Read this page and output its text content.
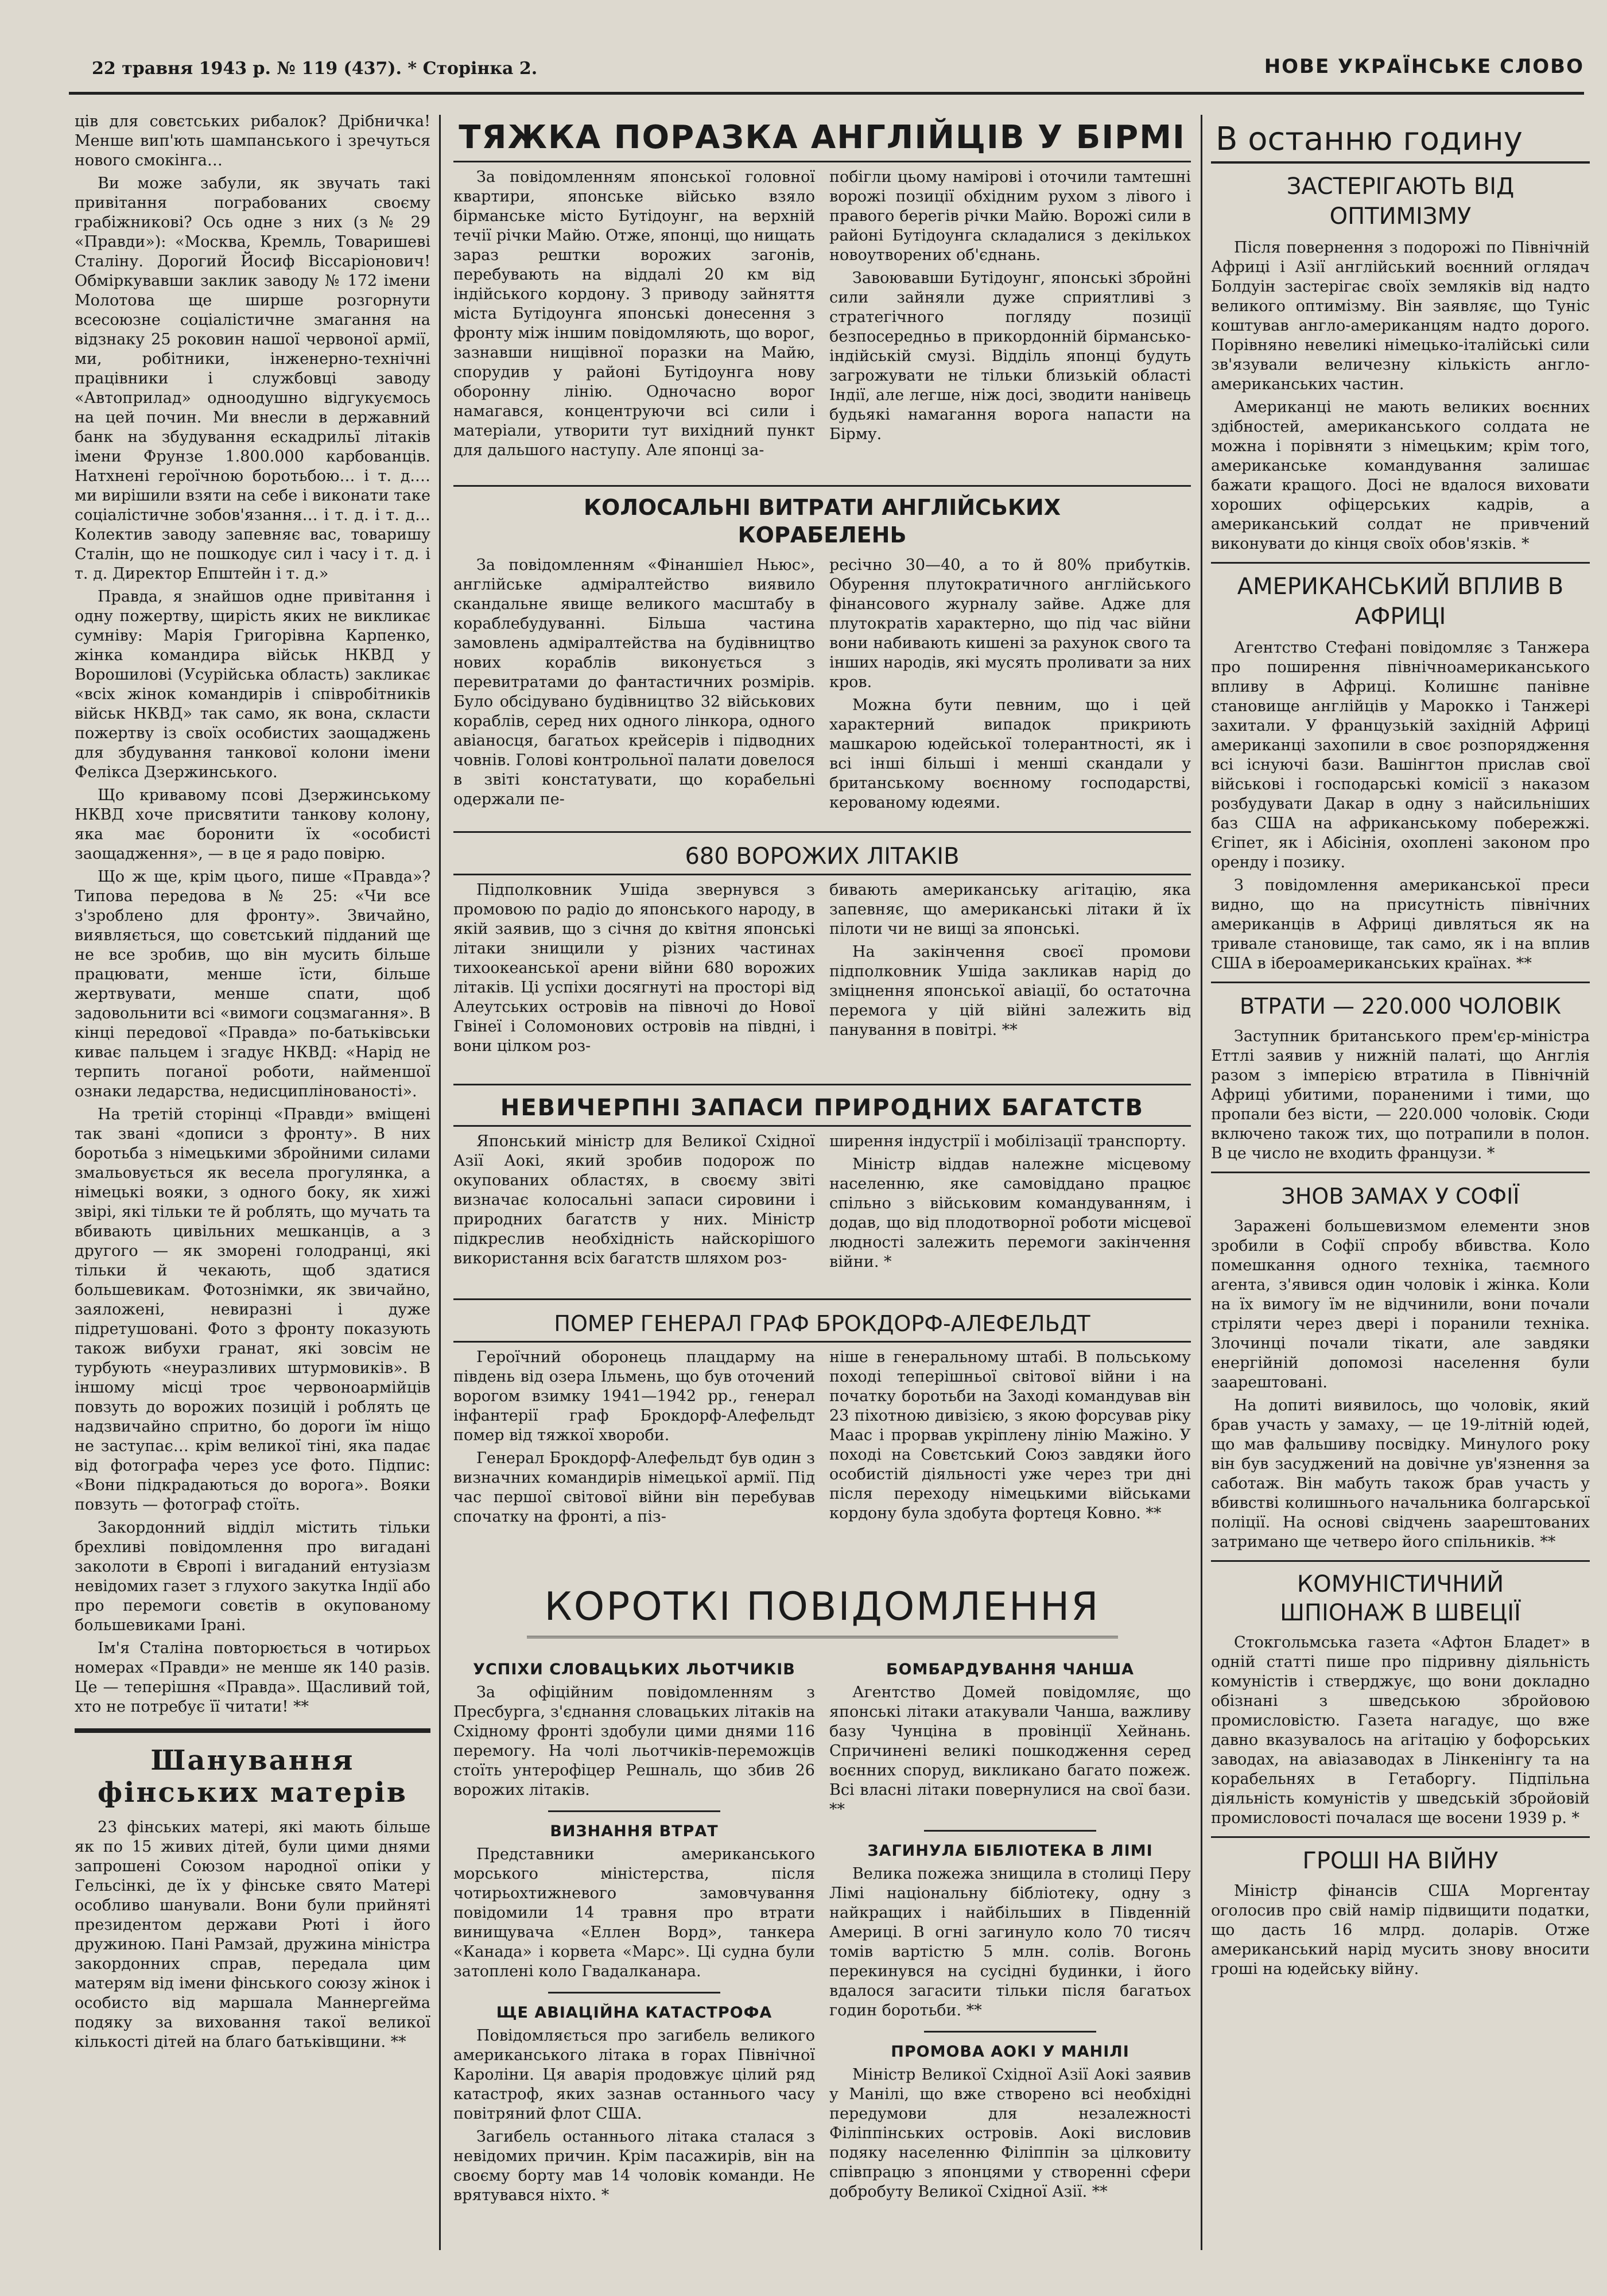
22 травня 1943 р. № 119 (437). * Сторінка 2.	НОВЕ УКРАЇНСЬКЕ СЛОВО

ців для совєтських рибалок? Дрібничка! Менше вип'ють шампанського і зречуться нового смокінга…

Ви може забули, як звучать такі привітання пограбованих своєму грабіжникові? Ось одне з них (з № 29 «Правди»): «Москва, Кремль, Товаришеві Сталіну. Дорогий Йосиф Віссаріонович! Обміркувавши заклик заводу № 172 імени Молотова ще ширше розгорнути всесоюзне соціалістичне змагання на відзнаку 25 роковин нашої червоної армії, ми, робітники, інженерно-технічні працівники і службовці заводу «Автоприлад» одноодушно відгукуємось на цей почин. Ми внесли в державний банк на збудування ескадрильї літаків імени Фрунзе 1.800.000 карбованців. Натхнені героїчною боротьбою… і т. д.… ми вирішили взяти на себе і виконати таке соціалістичне зобов'язання… і т. д. і т. д… Колектив заводу запевняє вас, товаришу Сталін, що не пошкодує сил і часу і т. д. і т. д. Директор Епштейн і т. д.»

Правда, я знайшов одне привітання і одну пожертву, щирість яких не викликає сумніву: Марія Григорівна Карпенко, жінка командира військ НКВД у Ворошилові (Усурійська область) закликає «всіх жінок командирів і співробітників військ НКВД» так само, як вона, скласти пожертву із своїх особистих заощаджень для збудування танкової колони імени Фелікса Дзержинського.

Що кривавому псові Дзержинському НКВД хоче присвятити танкову колону, яка має боронити їх «особисті заощадження», — в це я радо повірю.

Що ж ще, крім цього, пише «Правда»? Типова передова в № 25: «Чи все з'зроблено для фронту». Звичайно, виявляється, що совєтський підданий ще не все зробив, що він мусить більше працювати, менше їсти, більше жертвувати, менше спати, щоб задовольнити всі «вимоги соцзмагання». В кінці передової «Правда» по-батьківськи киває пальцем і згадує НКВД: «Нарід не терпить поганої роботи, найменшої ознаки ледарства, недисциплінованості».

На третій сторінці «Правди» вміщені так звані «дописи з фронту». В них боротьба з німецькими збройними силами змальовується як весела прогулянка, а німецькі вояки, з одного боку, як хижі звірі, які тільки те й роблять, що мучать та вбивають цивільних мешканців, а з другого — як зморені голодранці, які тільки й чекають, щоб здатися большевикам. Фотознімки, як звичайно, заяложені, невиразні і дуже підретушовані. Фото з фронту показують також вибухи гранат, які зовсім не турбують «неуразливих штурмовиків». В іншому місці троє червоноармійців повзуть до ворожих позицій і роблять це надзвичайно спритно, бо дороги їм ніщо не заступає… крім великої тіні, яка падає від фотографа через усе фото. Підпис: «Вони підкрадаються до ворога». Вояки повзуть — фотограф стоїть.

Закордонний відділ містить тільки брехливі повідомлення про вигадані заколоти в Європі і вигаданий ентузіазм невідомих газет з глухого закутка Індії або про перемоги совєтів в окупованому большевиками Ірані.

Ім'я Сталіна повторюється в чотирьох номерах «Правди» не менше як 140 разів. Це — теперішня «Правда». Щасливий той, хто не потребує її читати! **

Шанування фінських матерів

23 фінських матері, які мають більше як по 15 живих дітей, були цими днями запрошені Союзом народної опіки у Гельсінкі, де їх у фінське свято Матері особливо шанували. Вони були прийняті президентом держави Рюті і його дружиною. Пані Рамзай, дружина міністра закордонних справ, передала цим матерям від імени фінського союзу жінок і особисто від маршала Маннергейма подяку за виховання такої великої кількості дітей на благо батьківщини. **

ТЯЖКА ПОРАЗКА АНГЛІЙЦІВ У БІРМІ

За повідомленням японської головної квартири, японське військо взяло бірманське місто Бутідоунг, на верхній течії річки Майю. Отже, японці, що нищать зараз рештки ворожих загонів, перебувають на віддалі 20 км від індійського кордону. З приводу зайняття міста Бутідоунга японські донесення з фронту між іншим повідомляють, що ворог, зазнавши нищівної поразки на Майю, спорудив у районі Бутідоунга нову оборонну лінію. Одночасно ворог намагався, концентруючи всі сили і матеріали, утворити тут вихідний пункт для дальшого наступу. Але японці за-

побігли цьому намірові і оточили тамтешні ворожі позиції обхідним рухом з лівого і правого берегів річки Майю. Ворожі сили в районі Бутідоунга складалися з декількох новоутворених об'єднань.

Завоювавши Бутідоунг, японські збройні сили зайняли дуже сприятливі з стратегічного погляду позиції безпосередньо в прикордонній бірмансько-індійській смузі. Відділь японці будуть загрожувати не тільки близькій області Індії, але легше, ніж досі, зводити нанівець будьякі намагання ворога напасти на Бірму.

КОЛОСАЛЬНІ ВИТРАТИ АНГЛІЙСЬКИХ КОРАБЕЛЕНЬ

За повідомленням «Фінаншіел Ньюс», англійське адміралтейство виявило скандальне явище великого масштабу в кораблебудуванні. Більша частина замовлень адміралтейства на будівництво нових кораблів виконується з перевитратами до фантастичних розмірів. Було обсідувано будівництво 32 військових кораблів, серед них одного лінкора, одного авіаносця, багатьох крейсерів і підводних човнів. Голові контрольної палати довелося в звіті констатувати, що корабельні одержали пе-

ресічно 30—40, а то й 80% прибутків. Обурення плутократичного англійського фінансового журналу зайве. Адже для плутократів характерно, що під час війни вони набивають кишені за рахунок свого та інших народів, які мусять проливати за них кров.

Можна бути певним, що і цей характерний випадок прикриють машкарою юдейської толерантності, як і всі інші більші і менші скандали у британському воєнному господарстві, керованому юдеями.

680 ВОРОЖИХ ЛІТАКІВ

Підполковник Ушіда звернувся з промовою по радіо до японського народу, в якій заявив, що з січня до квітня японські літаки знищили у різних частинах тихоокеанської арени війни 680 ворожих літаків. Ці успіхи досягнуті на просторі від Алеутських островів на півночі до Нової Гвінеї і Соломонових островів на півдні, і вони цілком роз-

бивають американську агітацію, яка запевняє, що американські літаки й їх пілоти чи не вищі за японські.

На закінчення своєї промови підполковник Ушіда закликав нарід до зміцнення японської авіації, бо остаточна перемога у цій війні залежить від панування в повітрі. **

НЕВИЧЕРПНІ ЗАПАСИ ПРИРОДНИХ БАГАТСТВ

Японський міністр для Великої Східної Азії Аокі, який зробив подорож по окупованих областях, в своєму звіті визначає колосальні запаси сировини і природних багатств у них. Міністр підкреслив необхідність найскорішого використання всіх багатств шляхом роз-

ширення індустрії і мобілізації транспорту.

Міністр віддав належне місцевому населенню, яке самовіддано працює спільно з військовим командуванням, і додав, що від плодотворної роботи місцевої людності залежить перемоги закінчення війни. *

ПОМЕР ГЕНЕРАЛ ГРАФ БРОКДОРФ-АЛЕФЕЛЬДТ

Героїчний оборонець плацдарму на південь від озера Ільмень, що був оточений ворогом взимку 1941—1942 рр., генерал інфантерії граф Брокдорф-Алефельдт помер від тяжкої хвороби.

Генерал Брокдорф-Алефельдт був один з визначних командирів німецької армії. Під час першої світової війни він перебував спочатку на фронті, а піз-

ніше в генеральному штабі. В польському поході теперішньої світової війни і на початку боротьби на Заході командував він 23 піхотною дивізією, з якою форсував ріку Маас і прорвав укріплену лінію Мажіно. У поході на Совєтський Союз завдяки його особистій діяльності уже через три дні після переходу німецькими військами кордону була здобута фортеця Ковно. **

КОРОТКІ ПОВІДОМЛЕННЯ
УСПІХИ СЛОВАЦЬКИХ ЛЬОТЧИКІВ

За офіційним повідомленням з Пресбурга, з'єднання словацьких літаків на Східному фронті здобули цими днями 116 перемогу. На чолі льотчиків-переможців стоїть унтерофіцер Решналь, що збив 26 ворожих літаків.

ВИЗНАННЯ ВТРАТ

Представники американського морського міністерства, після чотирьохтижневого замовчування повідомили 14 травня про втрати винищувача «Еллен Ворд», танкера «Канада» і корвета «Марс». Ці судна були затоплені коло Гвадалканара.

ЩЕ АВІАЦІЙНА КАТАСТРОФА

Повідомляється про загибель великого американського літака в горах Північної Кароліни. Ця аварія продовжує цілий ряд катастроф, яких зазнав останнього часу повітряний флот США.

Загибель останнього літака сталася з невідомих причин. Крім пасажирів, він на своєму борту мав 14 чоловік команди. Не врятувався ніхто. *

БОМБАРДУВАННЯ ЧАНША

Агентство Домей повідомляє, що японські літаки атакували Чанша, важливу базу Чунціна в провінції Хейнань. Спричинені великі пошкодження серед воєнних споруд, викликано багато пожеж. Всі власні літаки повернулися на свої бази. **

ЗАГИНУЛА БІБЛІОТЕКА В ЛІМІ

Велика пожежа знищила в столиці Перу Лімі національну бібліотеку, одну з найкращих і найбільших в Південній Америці. В огні загинуло коло 70 тисяч томів вартістю 5 млн. солів. Вогонь перекинувся на сусідні будинки, і його вдалося загасити тільки після багатьох годин боротьби. **

ПРОМОВА АОКІ У МАНІЛІ

Міністр Великої Східної Азії Аокі заявив у Манілі, що вже створено всі необхідні передумови для незалежності Філіппінських островів. Аокі висловив подяку населенню Філіппін за цілковиту співпрацю з японцями у створенні сфери добробуту Великої Східної Азії. **

В останню годину
ЗАСТЕРІГАЮТЬ ВІД ОПТИМІЗМУ

Після повернення з подорожі по Північній Африці і Азії англійський воєнний оглядач Болдуін застерігає своїх земляків від надто великого оптимізму. Він заявляє, що Туніс коштував англо-американцям надто дорого. Порівняно невеликі німецько-італійські сили зв'язували величезну кількість англо-американських частин.

Американці не мають великих воєнних здібностей, американського солдата не можна і порівняти з німецьким; крім того, американське командування залишає бажати кращого. Досі не вдалося виховати хороших офіцерських кадрів, а американський солдат не привчений виконувати до кінця своїх обов'язків. *

АМЕРИКАНСЬКИЙ ВПЛИВ В АФРИЦІ

Агентство Стефані повідомляє з Танжера про поширення північноамериканського впливу в Африці. Колишнє панівне становище англійців у Марокко і Танжері захитали. У французькій західній Африці американці захопили в своє розпорядження всі існуючі бази. Вашінгтон прислав свої військові і господарські комісії з наказом розбудувати Дакар в одну з найсильніших баз США на африканському побережжі. Єгіпет, як і Абісінія, охоплені законом про оренду і позику.

З повідомлення американської преси видно, що на присутність північних американців в Африці дивляться як на тривале становище, так само, як і на вплив США в ібероамериканських країнах. **

ВТРАТИ — 220.000 ЧОЛОВІК

Заступник британського прем'єр-міністра Еттлі заявив у нижній палаті, що Англія разом з імперією втратила в Північній Африці убитими, пораненими і тими, що пропали без вісти, — 220.000 чоловік. Сюди включено також тих, що потрапили в полон. В це число не входить французи. *

ЗНОВ ЗАМАХ У СОФІЇ

Заражені большевизмом елементи знов зробили в Софії спробу вбивства. Коло помешкання одного техніка, таємного агента, з'явився один чоловік і жінка. Коли на їх вимогу їм не відчинили, вони почали стріляти через двері і поранили техніка. Злочинці почали тікати, але завдяки енергійній допомозі населення були заарештовані.

На допиті виявилось, що чоловік, який брав участь у замаху, — це 19-літній юдей, що мав фальшиву посвідку. Минулого року він був засуджений на довічне ув'язнення за саботаж. Він мабуть також брав участь у вбивстві колишнього начальника болгарської поліції. На основі свідчень заарештованих затримано ще четверо його спільників. **

КОМУНІСТИЧНИЙ ШПІОНАЖ В ШВЕЦІЇ

Стокгольмська газета «Афтон Бладет» в одній статті пише про підривну діяльність комуністів і стверджує, що вони докладно обізнані з шведською збройовою промисловістю. Газета нагадує, що вже давно вказувалось на агітацію у бофорських заводах, на авіазаводах в Лінкенінгу та на корабельнях в Гетаборгу. Підпільна діяльність комуністів у шведській збройовій промисловості почалася ще восени 1939 р. *

ГРОШІ НА ВІЙНУ

Міністр фінансів США Моргентау оголосив про свій намір підвищити податки, що дасть 16 млрд. доларів. Отже американський нарід мусить знову вносити гроші на юдейську війну.
